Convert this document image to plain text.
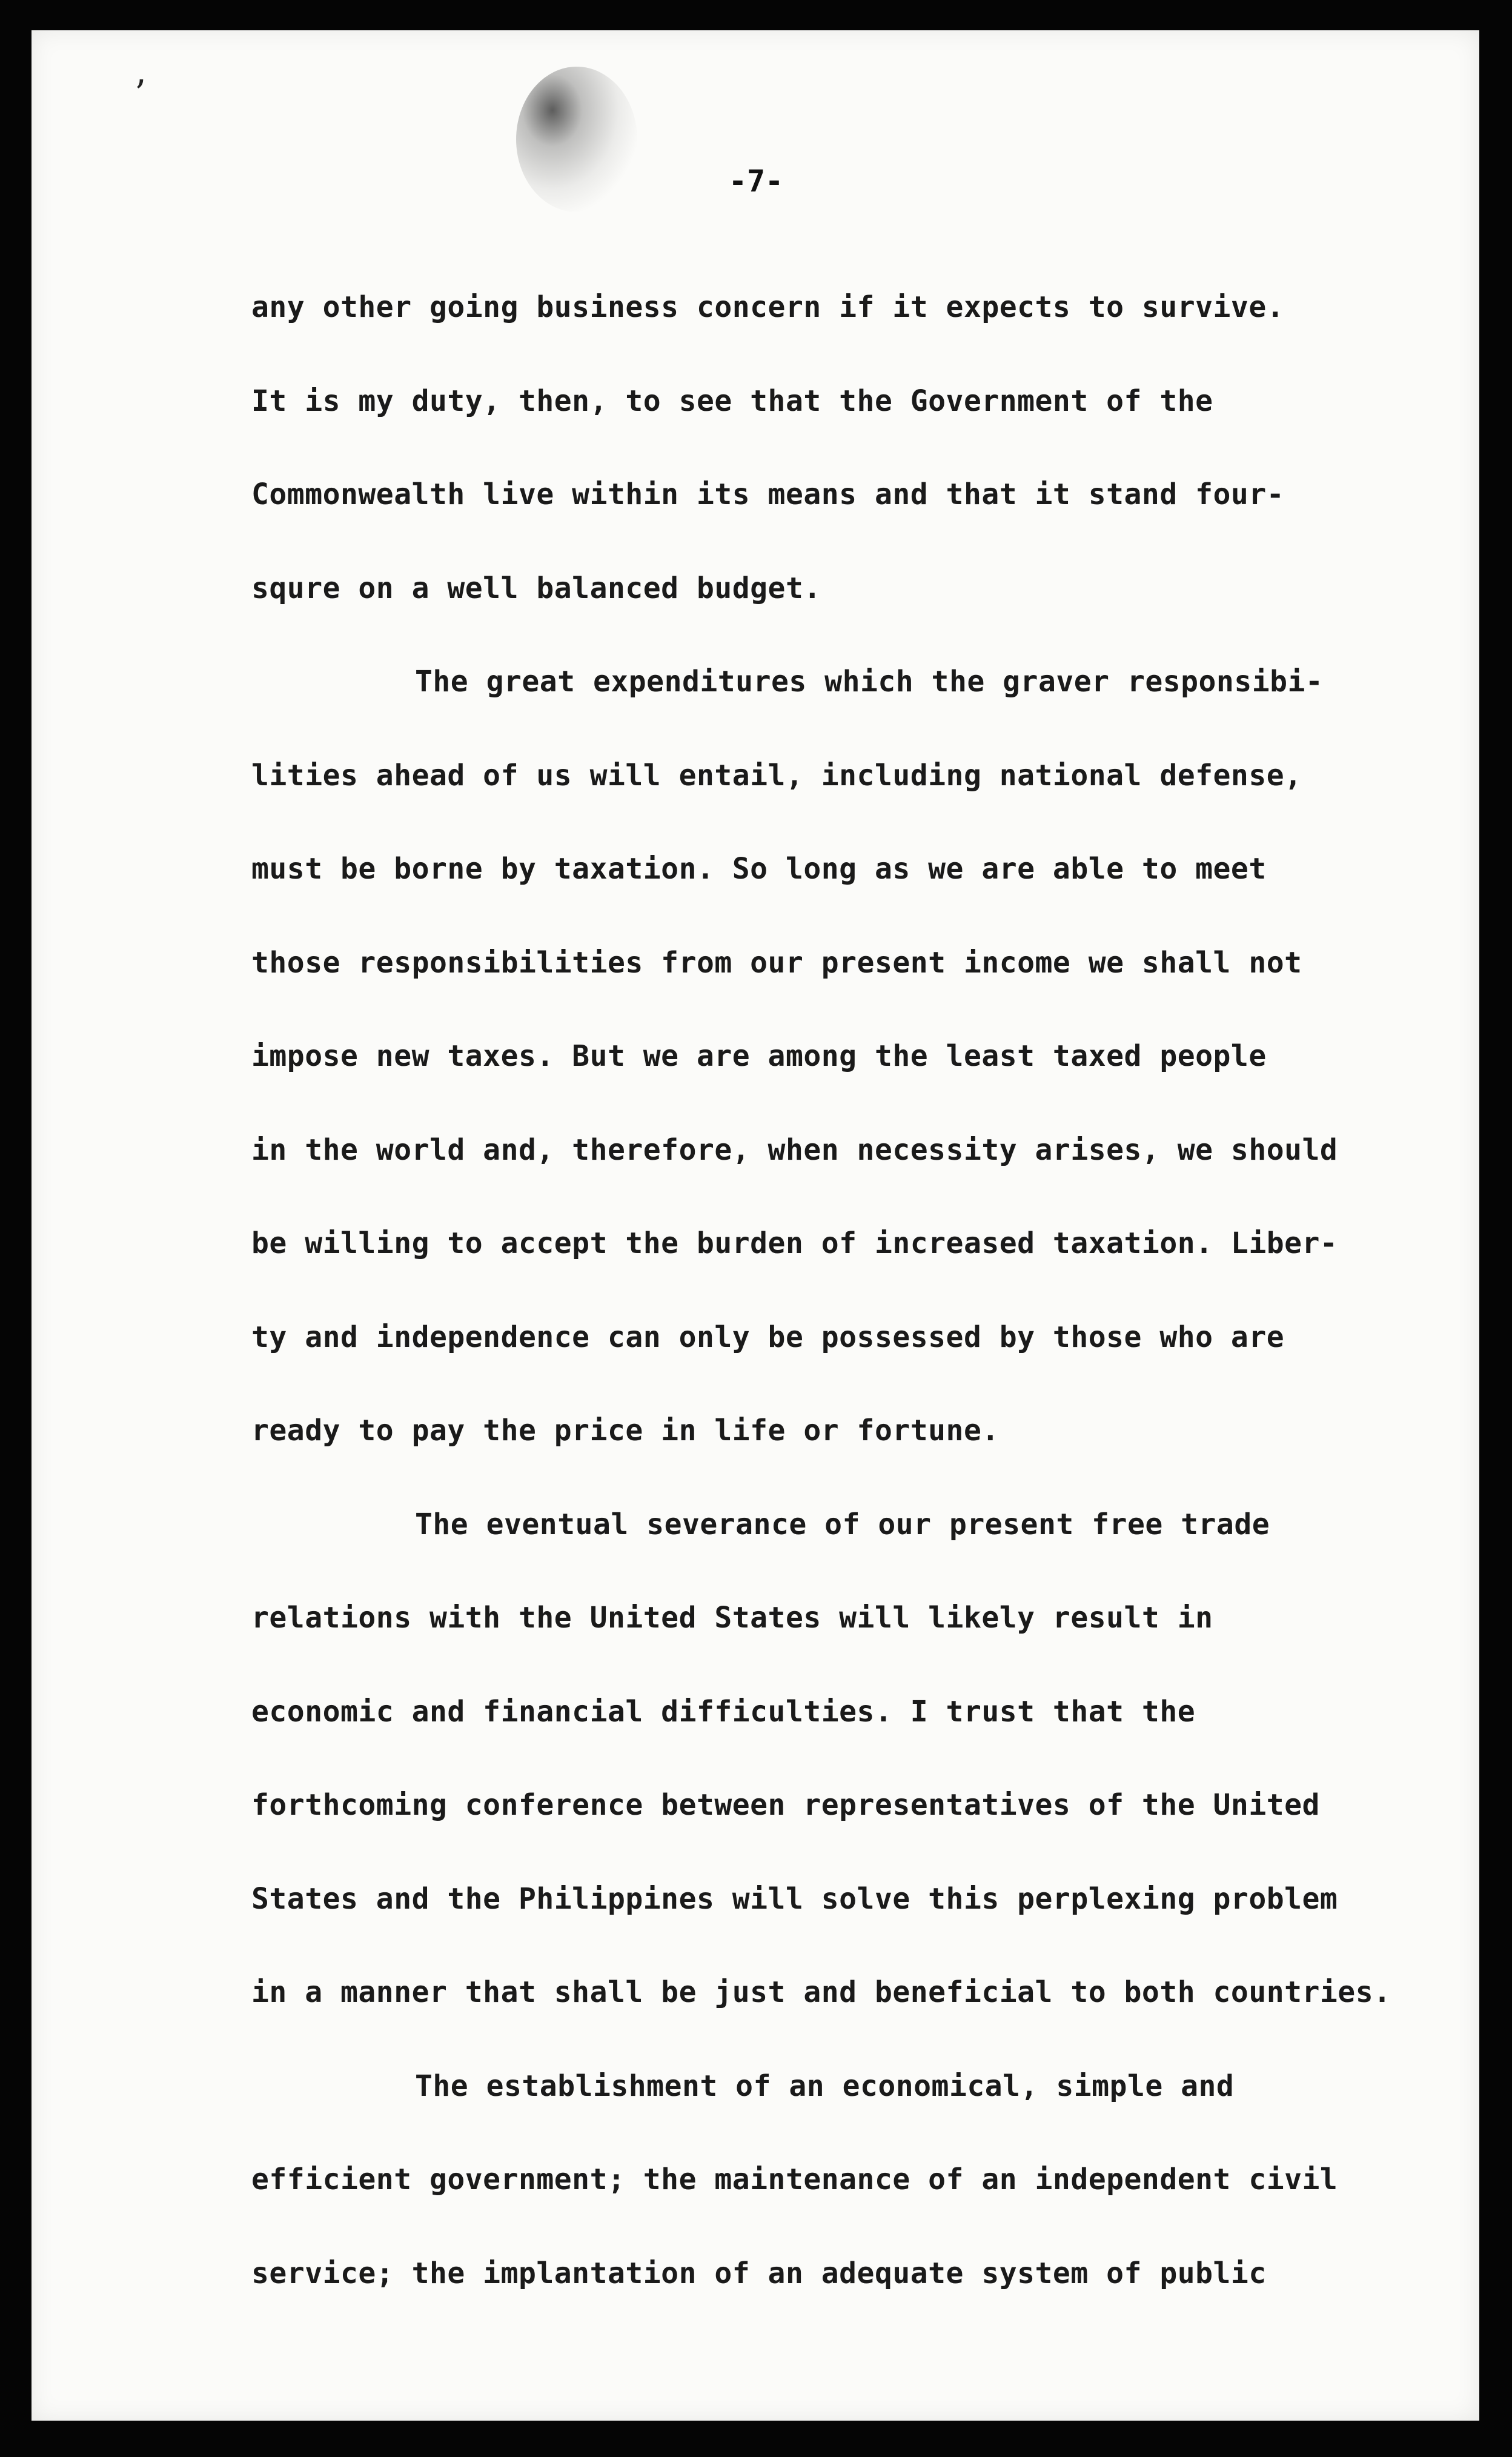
’
-7-
any other going business concern if it expects to survive.
It is my duty, then, to see that the Government of the
Commonwealth live within its means and that it stand four-
squre on a well balanced budget.
The great expenditures which the graver responsibi-
lities ahead of us will entail, including national defense,
must be borne by taxation. So long as we are able to meet
those responsibilities from our present income we shall not
impose new taxes. But we are among the least taxed people
in the world and, therefore, when necessity arises, we should
be willing to accept the burden of increased taxation. Liber-
ty and independence can only be possessed by those who are
ready to pay the price in life or fortune.
The eventual severance of our present free trade
relations with the United States will likely result in
economic and financial difficulties. I trust that the
forthcoming conference between representatives of the United
States and the Philippines will solve this perplexing problem
in a manner that shall be just and beneficial to both countries.
The establishment of an economical, simple and
efficient government; the maintenance of an independent civil
service; the implantation of an adequate system of public
